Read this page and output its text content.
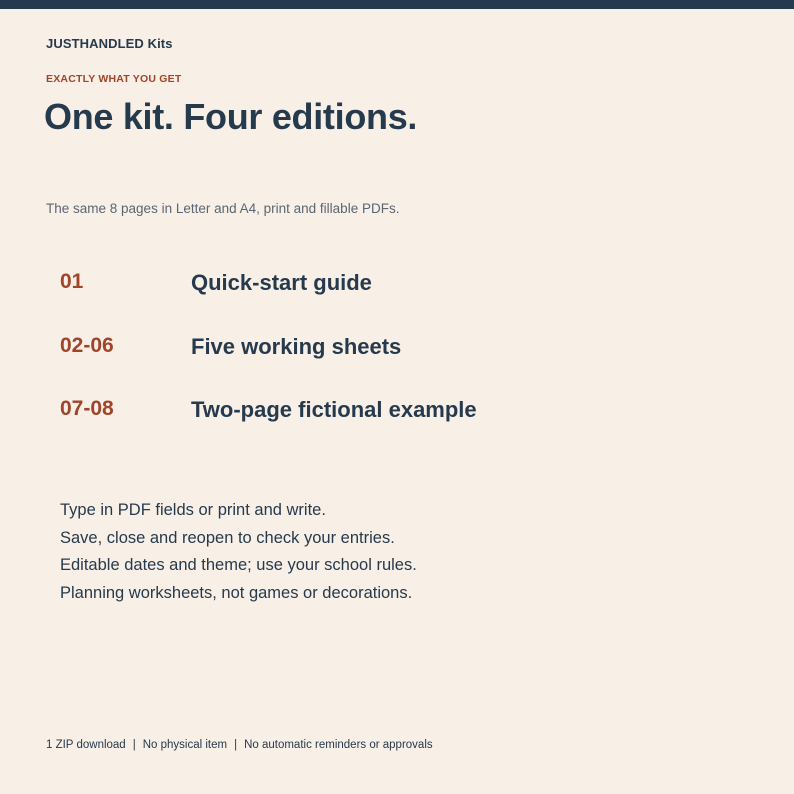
JUSTHANDLED Kits
EXACTLY WHAT YOU GET
One kit. Four editions.
The same 8 pages in Letter and A4, print and fillable PDFs.
01	Quick-start guide
02-06	Five working sheets
07-08	Two-page fictional example
Type in PDF fields or print and write.
Save, close and reopen to check your entries.
Editable dates and theme; use your school rules.
Planning worksheets, not games or decorations.
1 ZIP download | No physical item | No automatic reminders or approvals
